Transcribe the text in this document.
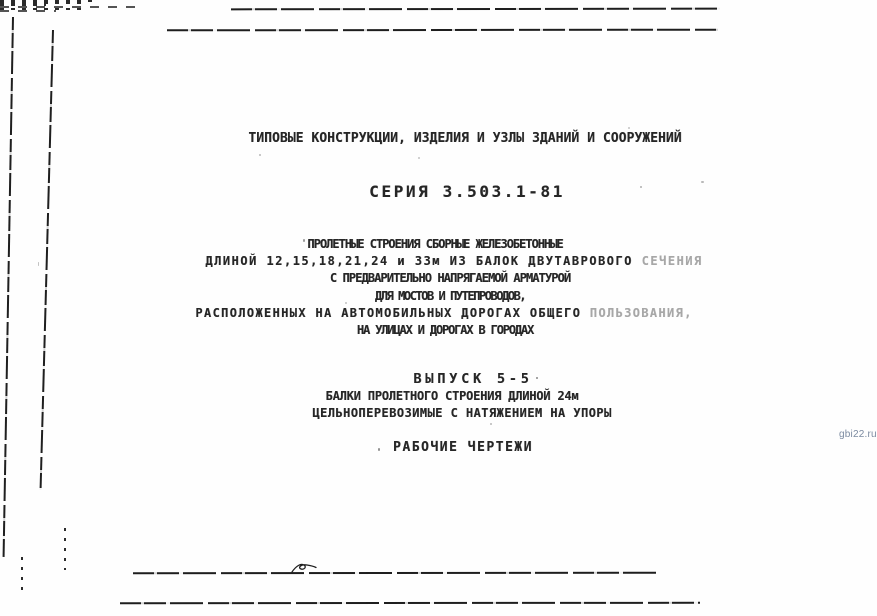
ТИПОВЫЕ КОНСТРУКЦИИ, ИЗДЕЛИЯ И УЗЛЫ ЗДАНИЙ И СООРУЖЕНИЙ
СЕРИЯ 3.503.1-81
ПРОЛЕТНЫЕ СТРОЕНИЯ СБОРНЫЕ ЖЕЛЕЗОБЕТОННЫЕ
ДЛИНОЙ 12,15,18,21,24 и 33м ИЗ БАЛОК ДВУТАВРОВОГО СЕЧЕНИЯ
С ПРЕДВАРИТЕЛЬНО НАПРЯГАЕМОЙ АРМАТУРОЙ
ДЛЯ МОСТОВ И ПУТЕПРОВОДОВ,
РАСПОЛОЖЕННЫХ НА АВТОМОБИЛЬНЫХ ДОРОГАХ ОБЩЕГО ПОЛЬЗОВАНИЯ,
НА УЛИЦАХ И ДОРОГАХ В ГОРОДАХ
ВЫПУСК 5-5
БАЛКИ ПРОЛЕТНОГО СТРОЕНИЯ ДЛИНОЙ 24м
ЦЕЛЬНОПЕРЕВОЗИМЫЕ С НАТЯЖЕНИЕМ НА УПОРЫ
РАБОЧИЕ ЧЕРТЕЖИ
gbi22.ru
